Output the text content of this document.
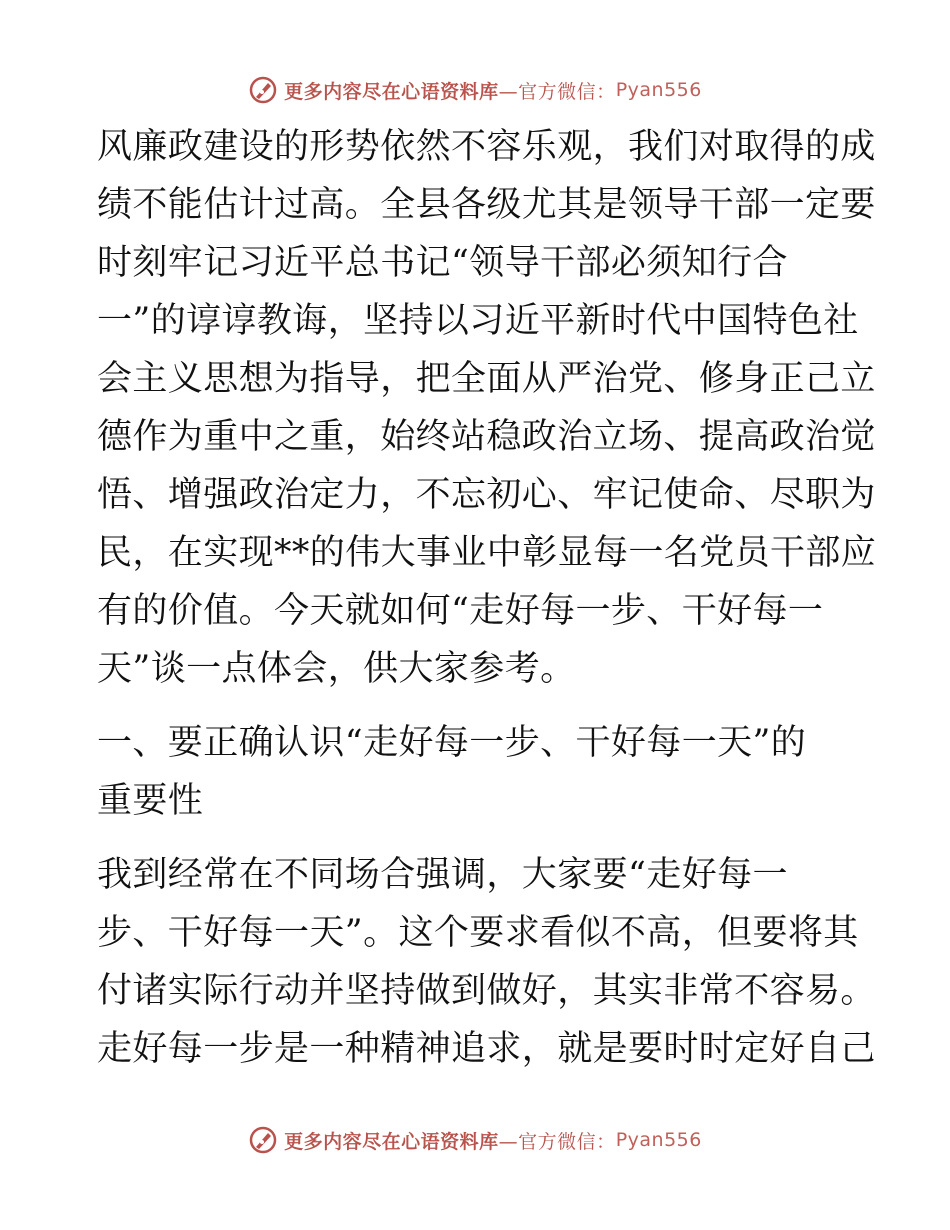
更多内容尽在心语资料库 —官方微信： Pyan556
风廉政建设的形势依然不容乐观，我们对取得的成
绩不能估计过高。全县各级尤其是领导干部一定要
时刻牢记习近平总书记“领导干部必须知行合
一”的谆谆教诲，坚持以习近平新时代中国特色社
会主义思想为指导，把全面从严治党、修身正己立
德作为重中之重，始终站稳政治立场、提高政治觉
悟、增强政治定力，不忘初心、牢记使命、尽职为
民，在实现**的伟大事业中彰显每一名党员干部应
有的价值。今天就如何“走好每一步、干好每一
天”谈一点体会，供大家参考。
一、要正确认识“走好每一步、干好每一天”的
重要性
我到经常在不同场合强调，大家要“走好每一
步、干好每一天”。这个要求看似不高，但要将其
付诸实际行动并坚持做到做好，其实非常不容易。
走好每一步是一种精神追求，就是要时时定好自己
更多内容尽在心语资料库 —官方微信： Pyan556
